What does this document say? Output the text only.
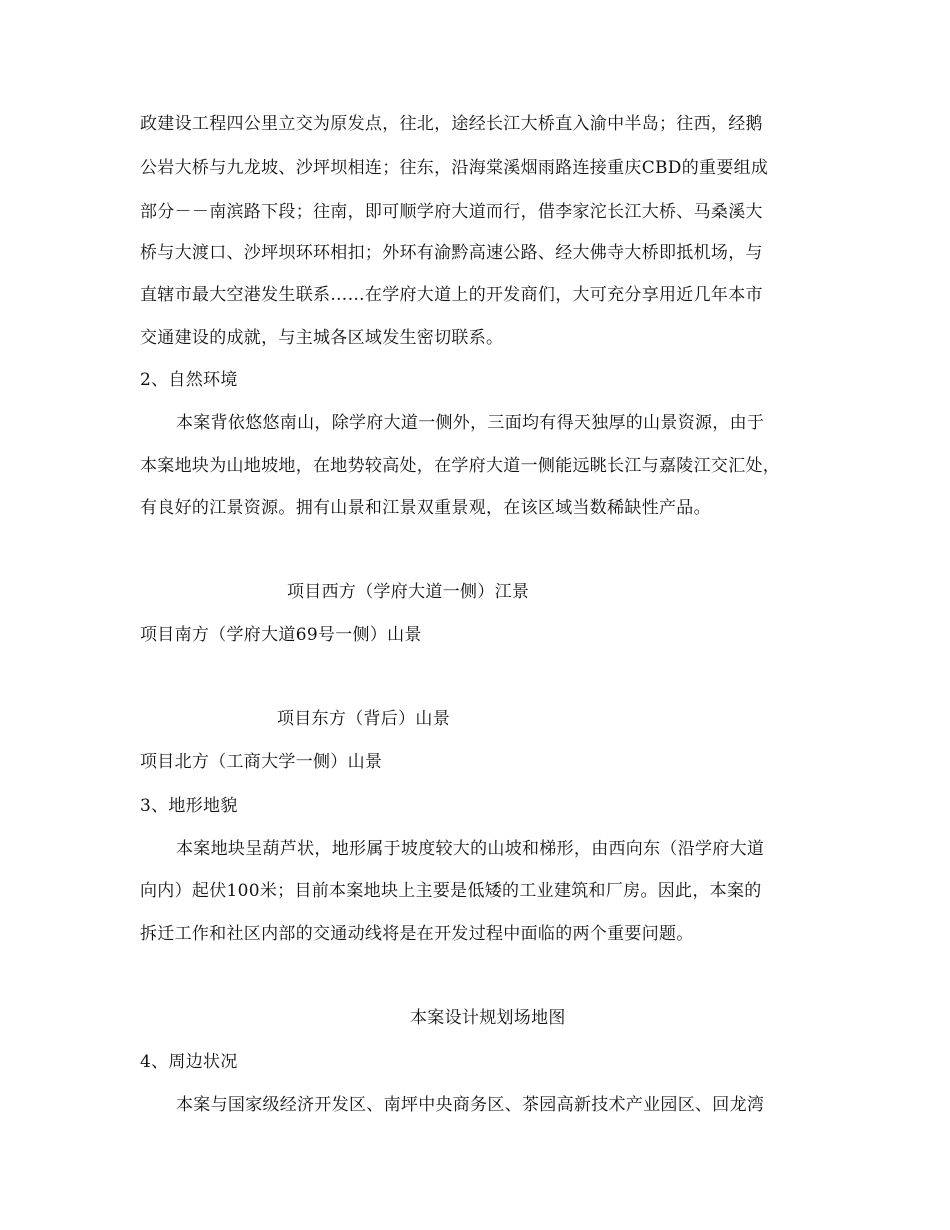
政建设工程四公里立交为原发点，往北，途经长江大桥直入渝中半岛；往西，经鹅
公岩大桥与九龙坡、沙坪坝相连；往东，沿海棠溪烟雨路连接重庆CBD的重要组成
部分－－南滨路下段；往南，即可顺学府大道而行，借李家沱长江大桥、马桑溪大
桥与大渡口、沙坪坝环环相扣；外环有渝黔高速公路、经大佛寺大桥即抵机场，与
直辖市最大空港发生联系……在学府大道上的开发商们，大可充分享用近几年本市
交通建设的成就，与主城各区域发生密切联系。
2、自然环境
本案背依悠悠南山，除学府大道一侧外，三面均有得天独厚的山景资源，由于
本案地块为山地坡地，在地势较高处，在学府大道一侧能远眺长江与嘉陵江交汇处，
有良好的江景资源。拥有山景和江景双重景观，在该区域当数稀缺性产品。
项目西方（学府大道一侧）江景
项目南方（学府大道69号一侧）山景
项目东方（背后）山景
项目北方（工商大学一侧）山景
3、地形地貌
本案地块呈葫芦状，地形属于坡度较大的山坡和梯形，由西向东（沿学府大道
向内）起伏100米；目前本案地块上主要是低矮的工业建筑和厂房。因此，本案的
拆迁工作和社区内部的交通动线将是在开发过程中面临的两个重要问题。
本案设计规划场地图
4、周边状况
本案与国家级经济开发区、南坪中央商务区、茶园高新技术产业园区、回龙湾
